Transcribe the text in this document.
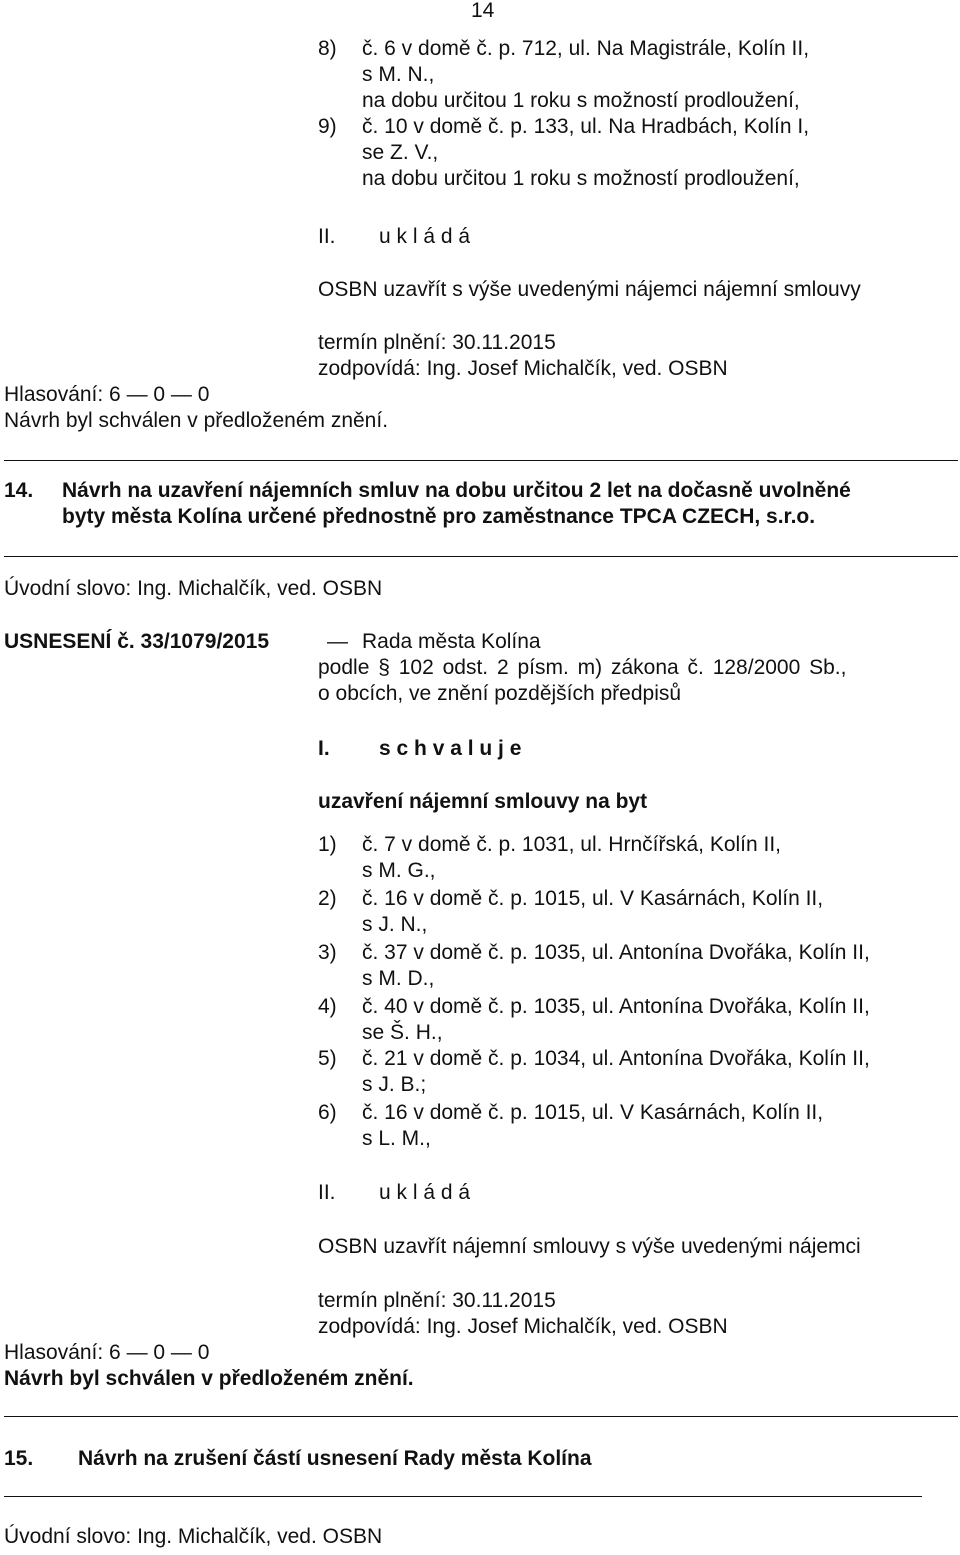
14
8) č. 6 v domě č. p. 712, ul. Na Magistrále, Kolín II,
s M. N.,
na dobu určitou 1 roku s možností prodloužení,
9) č. 10 v domě č. p. 133, ul. Na Hradbách, Kolín I,
se Z. V.,
na dobu určitou 1 roku s možností prodloužení,
II. u k l á d á
OSBN uzavřít s výše uvedenými nájemci nájemní smlouvy
termín plnění: 30.11.2015
zodpovídá: Ing. Josef Michalčík, ved. OSBN
Hlasování: 6 — 0 — 0
Návrh byl schválen v předloženém znění.
14. Návrh na uzavření nájemních smluv na dobu určitou 2 let na dočasně uvolněné
byty města Kolína určené přednostně pro zaměstnance TPCA CZECH, s.r.o.
Úvodní slovo: Ing. Michalčík, ved. OSBN
USNESENÍ č. 33/1079/2015	— Rada města Kolína
podle § 102 odst. 2 písm. m) zákona č. 128/2000 Sb.,
o obcích, ve znění pozdějších předpisů
I. s c h v a l u j e
uzavření nájemní smlouvy na byt
1) č. 7 v domě č. p. 1031, ul. Hrnčířská, Kolín II,
s M. G.,
2) č. 16 v domě č. p. 1015, ul. V Kasárnách, Kolín II,
s J. N.,
3) č. 37 v domě č. p. 1035, ul. Antonína Dvořáka, Kolín II,
s M. D.,
4) č. 40 v domě č. p. 1035, ul. Antonína Dvořáka, Kolín II,
se Š. H.,
5) č. 21 v domě č. p. 1034, ul. Antonína Dvořáka, Kolín II,
s J. B.;
6) č. 16 v domě č. p. 1015, ul. V Kasárnách, Kolín II,
s L. M.,
II. u k l á d á
OSBN uzavřít nájemní smlouvy s výše uvedenými nájemci
termín plnění: 30.11.2015
zodpovídá: Ing. Josef Michalčík, ved. OSBN
Hlasování: 6 — 0 — 0
Návrh byl schválen v předloženém znění.
15. Návrh na zrušení částí usnesení Rady města Kolína
Úvodní slovo: Ing. Michalčík, ved. OSBN
